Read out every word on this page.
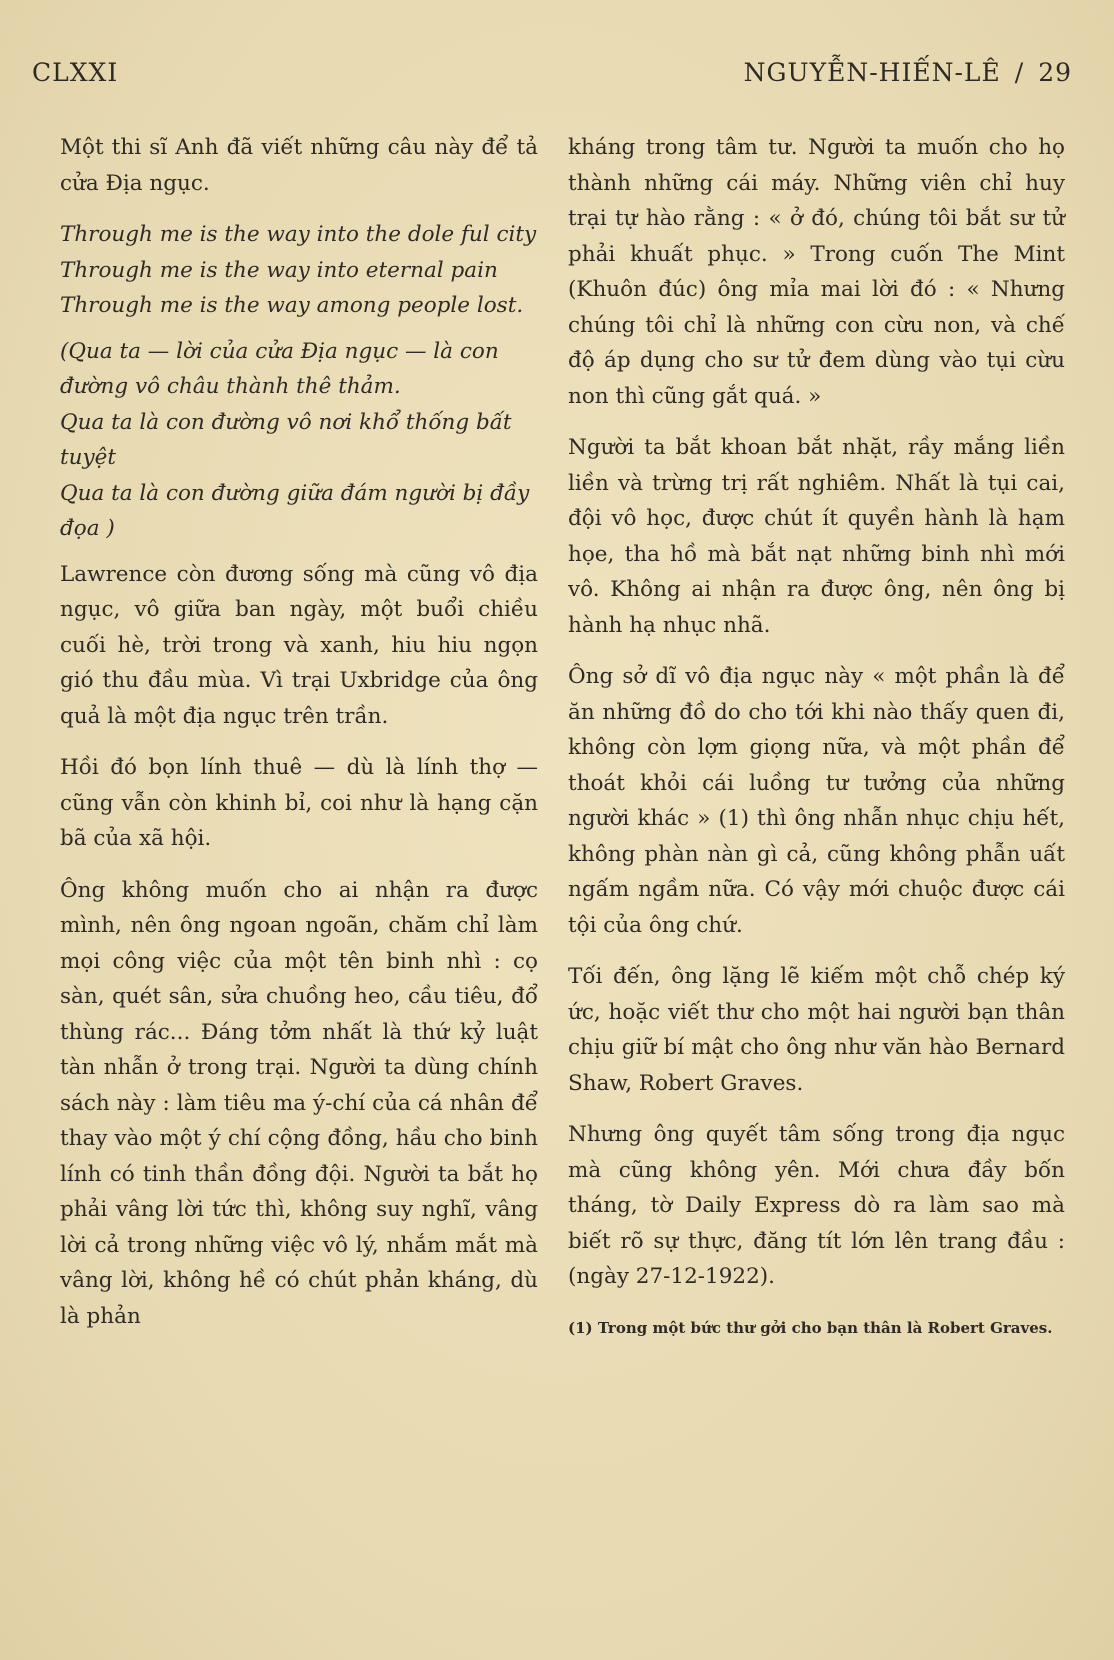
CLXXI	NGUYỄN-HIẾN-LÊ / 29

Một thi sĩ Anh đã viết những câu này để tả cửa Địa ngục.

Through me is the way into the dole ful city
Through me is the way into eternal pain
Through me is the way among people lost.
(Qua ta — lời của cửa Địa ngục — là con đường vô châu thành thê thảm.
Qua ta là con đường vô nơi khổ thống bất tuyệt
Qua ta là con đường giữa đám người bị đầy đọa )

Lawrence còn đương sống mà cũng vô địa ngục, vô giữa ban ngày, một buổi chiều cuối hè, trời trong và xanh, hiu hiu ngọn gió thu đầu mùa. Vì trại Uxbridge của ông quả là một địa ngục trên trần.

Hồi đó bọn lính thuê — dù là lính thợ — cũng vẫn còn khinh bỉ, coi như là hạng cặn bã của xã hội.

Ông không muốn cho ai nhận ra được mình, nên ông ngoan ngoãn, chăm chỉ làm mọi công việc của một tên binh nhì : cọ sàn, quét sân, sửa chuồng heo, cầu tiêu, đổ thùng rác... Đáng tởm nhất là thứ kỷ luật tàn nhẫn ở trong trại. Người ta dùng chính sách này : làm tiêu ma ý-chí của cá nhân để thay vào một ý chí cộng đồng, hầu cho binh lính có tinh thần đồng đội. Người ta bắt họ phải vâng lời tức thì, không suy nghĩ, vâng lời cả trong những việc vô lý, nhắm mắt mà vâng lời, không hề có chút phản kháng, dù là phản

kháng trong tâm tư. Người ta muốn cho họ thành những cái máy. Những viên chỉ huy trại tự hào rằng : « ở đó, chúng tôi bắt sư tử phải khuất phục. » Trong cuốn The Mint (Khuôn đúc) ông mỉa mai lời đó : « Nhưng chúng tôi chỉ là những con cừu non, và chế độ áp dụng cho sư tử đem dùng vào tụi cừu non thì cũng gắt quá. »

Người ta bắt khoan bắt nhặt, rầy mắng liền liền và trừng trị rất nghiêm. Nhất là tụi cai, đội vô học, được chút ít quyền hành là hạm họe, tha hồ mà bắt nạt những binh nhì mới vô. Không ai nhận ra được ông, nên ông bị hành hạ nhục nhã.

Ông sở dĩ vô địa ngục này « một phần là để ăn những đồ do cho tới khi nào thấy quen đi, không còn lợm giọng nữa, và một phần để thoát khỏi cái luồng tư tưởng của những người khác » (1) thì ông nhẫn nhục chịu hết, không phàn nàn gì cả, cũng không phẫn uất ngấm ngầm nữa. Có vậy mới chuộc được cái tội của ông chứ.

Tối đến, ông lặng lẽ kiếm một chỗ chép ký ức, hoặc viết thư cho một hai người bạn thân chịu giữ bí mật cho ông như văn hào Bernard Shaw, Robert Graves.

Nhưng ông quyết tâm sống trong địa ngục mà cũng không yên. Mới chưa đầy bốn tháng, tờ Daily Express dò ra làm sao mà biết rõ sự thực, đăng tít lớn lên trang đầu : (ngày 27-12-1922).

(1) Trong một bức thư gởi cho bạn thân là Robert Graves.
